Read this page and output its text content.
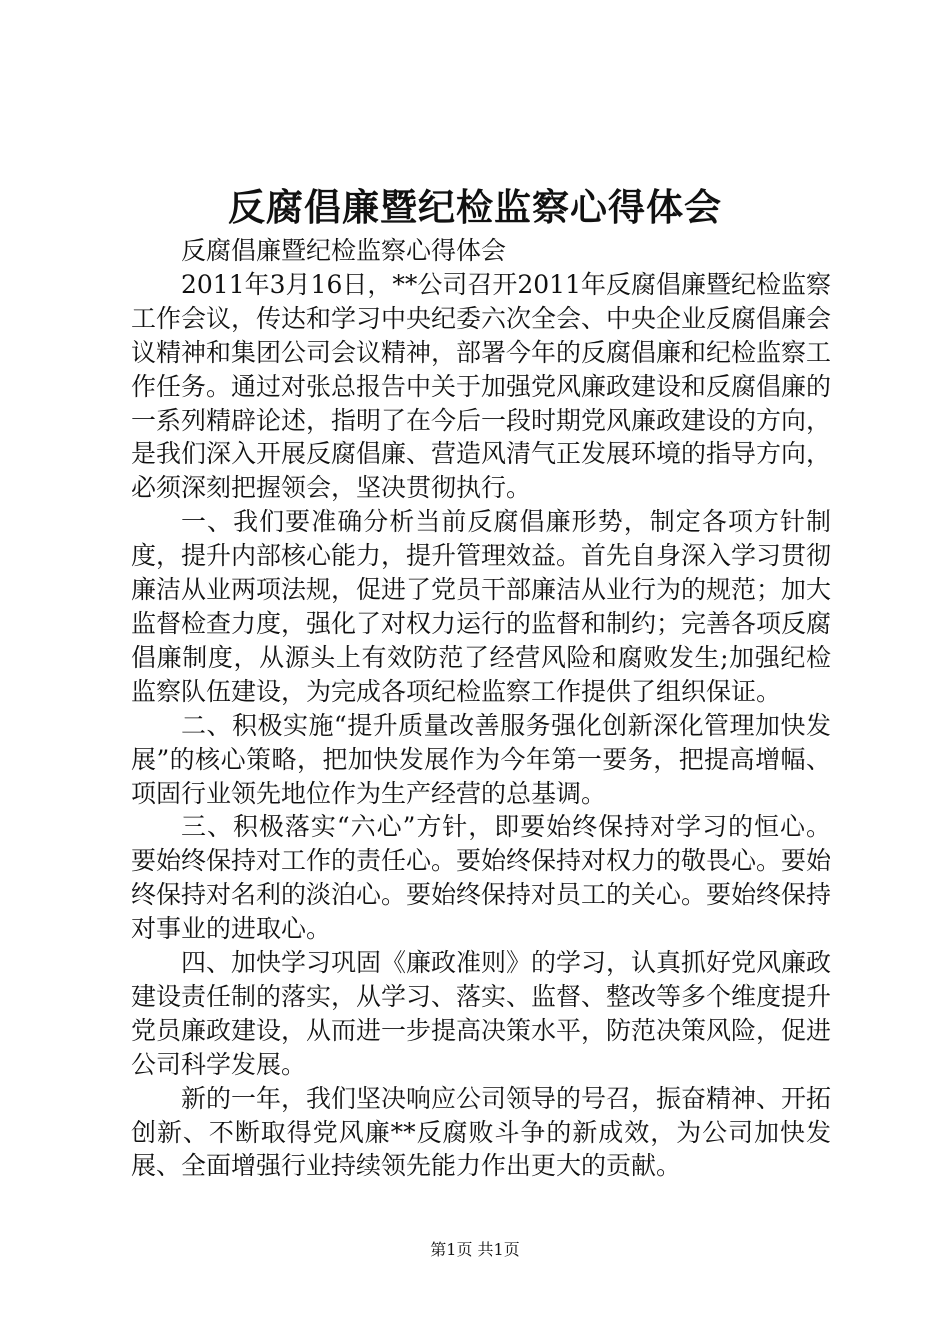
反腐倡廉暨纪检监察心得体会

反腐倡廉暨纪检监察心得体会

2011年3月16日，**公司召开2011年反腐倡廉暨纪检监察工作会议，传达和学习中央纪委六次全会、中央企业反腐倡廉会议精神和集团公司会议精神，部署今年的反腐倡廉和纪检监察工作任务。通过对张总报告中关于加强党风廉政建设和反腐倡廉的一系列精辟论述，指明了在今后一段时期党风廉政建设的方向，是我们深入开展反腐倡廉、营造风清气正发展环境的指导方向，必须深刻把握领会，坚决贯彻执行。

一、我们要准确分析当前反腐倡廉形势，制定各项方针制度，提升内部核心能力，提升管理效益。首先自身深入学习贯彻廉洁从业两项法规，促进了党员干部廉洁从业行为的规范；加大监督检查力度，强化了对权力运行的监督和制约；完善各项反腐倡廉制度，从源头上有效防范了经营风险和腐败发生;加强纪检监察队伍建设，为完成各项纪检监察工作提供了组织保证。

二、积极实施“提升质量改善服务强化创新深化管理加快发展”的核心策略，把加快发展作为今年第一要务，把提高增幅、项固行业领先地位作为生产经营的总基调。

三、积极落实“六心”方针，即要始终保持对学习的恒心。要始终保持对工作的责任心。要始终保持对权力的敬畏心。要始终保持对名利的淡泊心。要始终保持对员工的关心。要始终保持对事业的进取心。

四、加快学习巩固《廉政准则》的学习，认真抓好党风廉政建设责任制的落实，从学习、落实、监督、整改等多个维度提升党员廉政建设，从而进一步提高决策水平，防范决策风险，促进公司科学发展。

新的一年，我们坚决响应公司领导的号召，振奋精神、开拓创新、不断取得党风廉**反腐败斗争的新成效，为公司加快发展、全面增强行业持续领先能力作出更大的贡献。

第1页 共1页
